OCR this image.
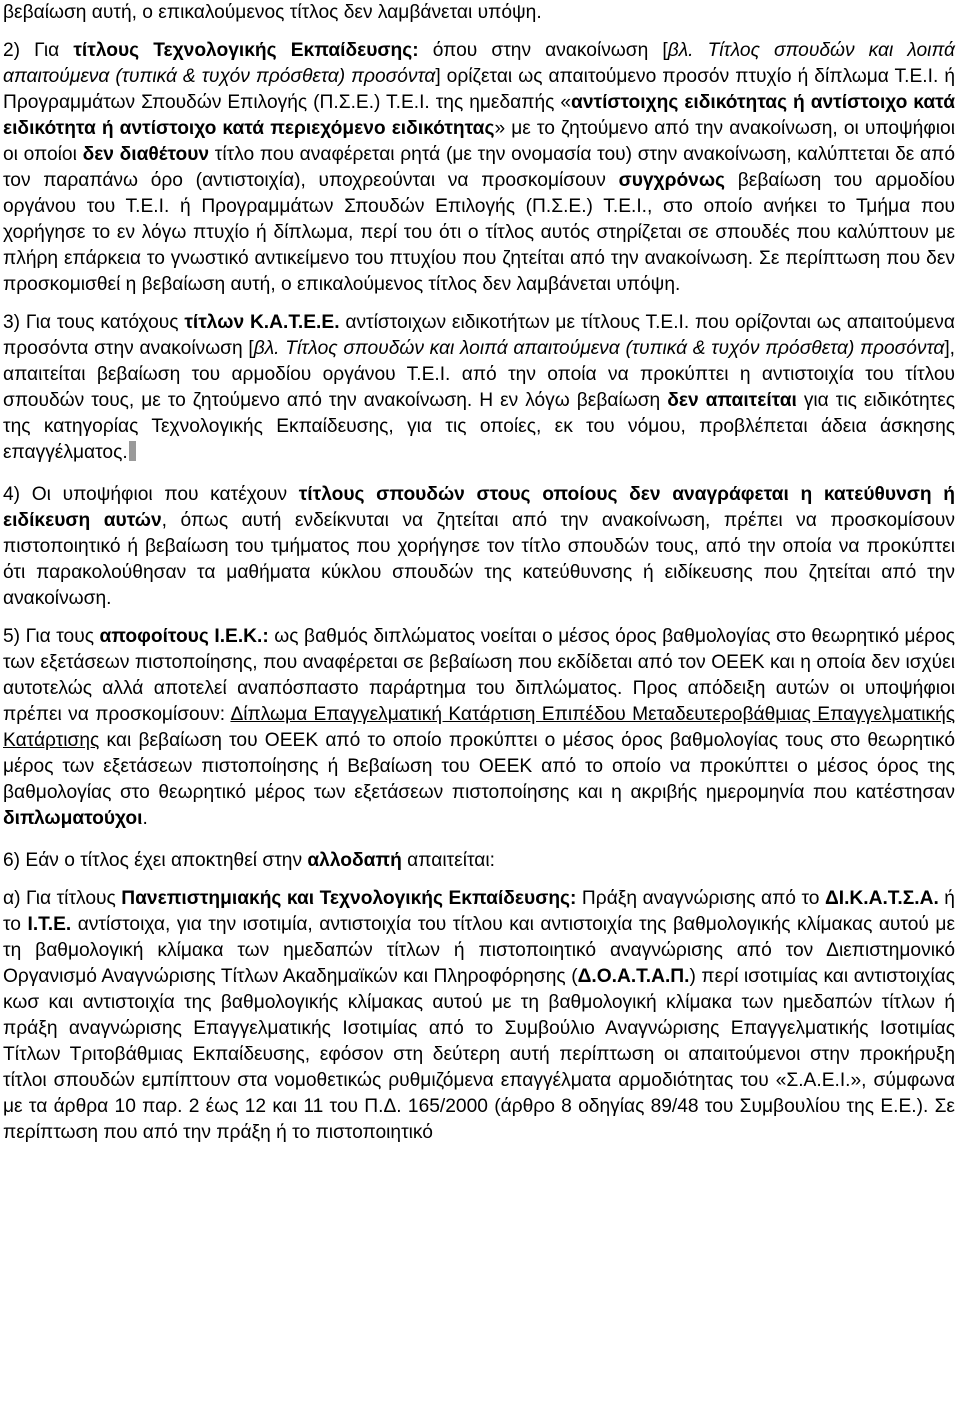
βεβαίωση αυτή, ο επικαλούμενος τίτλος δεν λαμβάνεται υπόψη.

2) Για τίτλους Τεχνολογικής Εκπαίδευσης: όπου στην ανακοίνωση [βλ. Τίτλος σπουδών και λοιπά απαιτούμενα (τυπικά & τυχόν πρόσθετα) προσόντα] ορίζεται ως απαιτούμενο προσόν πτυχίο ή δίπλωμα Τ.Ε.Ι. ή Προγραμμάτων Σπουδών Επιλογής (Π.Σ.Ε.) Τ.Ε.Ι. της ημεδαπής «αντίστοιχης ειδικότητας ή αντίστοιχο κατά ειδικότητα ή αντίστοιχο κατά περιεχόμενο ειδικότητας» με το ζητούμενο από την ανακοίνωση, οι υποψήφιοι οι οποίοι δεν διαθέτουν τίτλο που αναφέρεται ρητά (με την ονομασία του) στην ανακοίνωση, καλύπτεται δε από τον παραπάνω όρο (αντιστοιχία), υποχρεούνται να προσκομίσουν συγχρόνως βεβαίωση του αρμοδίου οργάνου του Τ.Ε.Ι. ή Προγραμμάτων Σπουδών Επιλογής (Π.Σ.Ε.) Τ.Ε.Ι., στο οποίο ανήκει το Τμήμα που χορήγησε το εν λόγω πτυχίο ή δίπλωμα, περί του ότι ο τίτλος αυτός στηρίζεται σε σπουδές που καλύπτουν με πλήρη επάρκεια το γνωστικό αντικείμενο του πτυχίου που ζητείται από την ανακοίνωση. Σε περίπτωση που δεν προσκομισθεί η βεβαίωση αυτή, ο επικαλούμενος τίτλος δεν λαμβάνεται υπόψη.

3) Για τους κατόχους τίτλων Κ.Α.Τ.Ε.Ε. αντίστοιχων ειδικοτήτων με τίτλους Τ.Ε.Ι. που ορίζονται ως απαιτούμενα προσόντα στην ανακοίνωση [βλ. Τίτλος σπουδών και λοιπά απαιτούμενα (τυπικά & τυχόν πρόσθετα) προσόντα], απαιτείται βεβαίωση του αρμοδίου οργάνου Τ.Ε.Ι. από την οποία να προκύπτει η αντιστοιχία του τίτλου σπουδών τους, με το ζητούμενο από την ανακοίνωση. Η εν λόγω βεβαίωση δεν απαιτείται για τις ειδικότητες της κατηγορίας Τεχνολογικής Εκπαίδευσης, για τις οποίες, εκ του νόμου, προβλέπεται άδεια άσκησης επαγγέλματος.

4) Οι υποψήφιοι που κατέχουν τίτλους σπουδών στους οποίους δεν αναγράφεται η κατεύθυνση ή ειδίκευση αυτών, όπως αυτή ενδείκνυται να ζητείται από την ανακοίνωση, πρέπει να προσκομίσουν πιστοποιητικό ή βεβαίωση του τμήματος που χορήγησε τον τίτλο σπουδών τους, από την οποία να προκύπτει ότι παρακολούθησαν τα μαθήματα κύκλου σπουδών της κατεύθυνσης ή ειδίκευσης που ζητείται από την ανακοίνωση.

5) Για τους αποφοίτους Ι.Ε.Κ.: ως βαθμός διπλώματος νοείται ο μέσος όρος βαθμολογίας στο θεωρητικό μέρος των εξετάσεων πιστοποίησης, που αναφέρεται σε βεβαίωση που εκδίδεται από τον ΟΕΕΚ και η οποία δεν ισχύει αυτοτελώς αλλά αποτελεί αναπόσπαστο παράρτημα του διπλώματος. Προς απόδειξη αυτών οι υποψήφιοι πρέπει να προσκομίσουν: Δίπλωμα Επαγγελματική Κατάρτιση Επιπέδου Μεταδευτεροβάθμιας Επαγγελματικής Κατάρτισης και βεβαίωση του ΟΕΕΚ από το οποίο προκύπτει ο μέσος όρος βαθμολογίας τους στο θεωρητικό μέρος των εξετάσεων πιστοποίησης ή Βεβαίωση του ΟΕΕΚ από το οποίο να προκύπτει ο μέσος όρος της βαθμολογίας στο θεωρητικό μέρος των εξετάσεων πιστοποίησης και η ακριβής ημερομηνία που κατέστησαν διπλωματούχοι.

6) Εάν ο τίτλος έχει αποκτηθεί στην αλλοδαπή απαιτείται:

α) Για τίτλους Πανεπιστημιακής και Τεχνολογικής Εκπαίδευσης: Πράξη αναγνώρισης από το ΔΙ.Κ.Α.Τ.Σ.Α. ή το Ι.Τ.Ε. αντίστοιχα, για την ισοτιμία, αντιστοιχία του τίτλου και αντιστοιχία της βαθμολογικής κλίμακας αυτού με τη βαθμολογική κλίμακα των ημεδαπών τίτλων ή πιστοποιητικό αναγνώρισης από τον Διεπιστημονικό Οργανισμό Αναγνώρισης Τίτλων Ακαδημαϊκών και Πληροφόρησης (Δ.Ο.Α.Τ.Α.Π.) περί ισοτιμίας και αντιστοιχίας κωσ και αντιστοιχία της βαθμολογικής κλίμακας αυτού με τη βαθμολογική κλίμακα των ημεδαπών τίτλων ή πράξη αναγνώρισης Επαγγελματικής Ισοτιμίας από το Συμβούλιο Αναγνώρισης Επαγγελματικής Ισοτιμίας Τίτλων Τριτοβάθμιας Εκπαίδευσης, εφόσον στη δεύτερη αυτή περίπτωση οι απαιτούμενοι στην προκήρυξη τίτλοι σπουδών εμπίπτουν στα νομοθετικώς ρυθμιζόμενα επαγγέλματα αρμοδιότητας του «Σ.Α.Ε.Ι.», σύμφωνα με τα άρθρα 10 παρ. 2 έως 12 και 11 του Π.Δ. 165/2000 (άρθρο 8 οδηγίας 89/48 του Συμβουλίου της Ε.Ε.). Σε περίπτωση που από την πράξη ή το πιστοποιητικό
